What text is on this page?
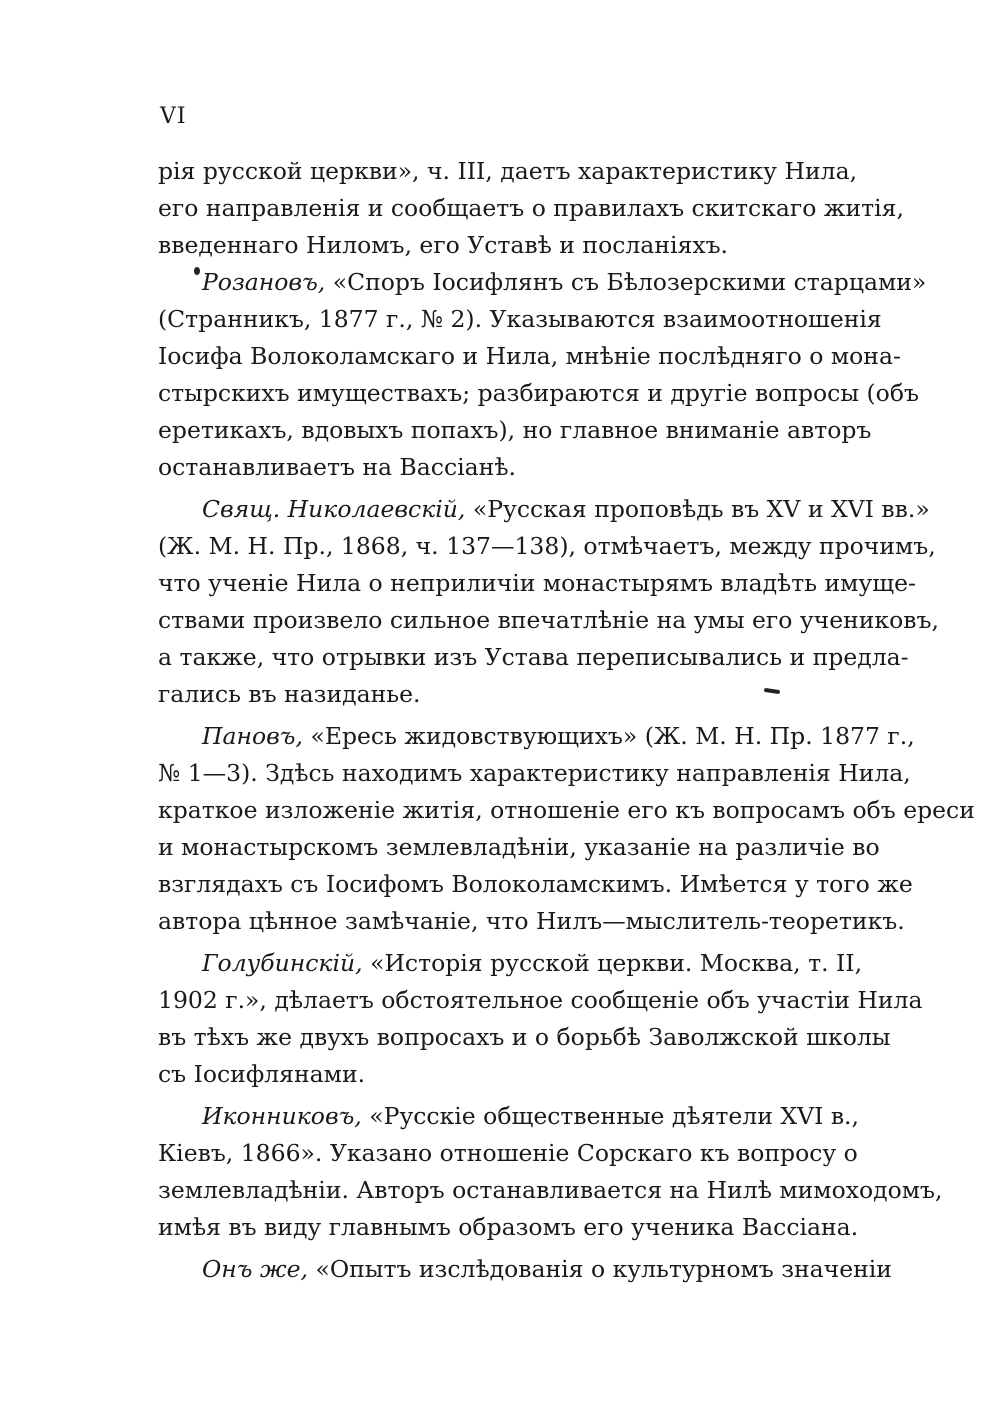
VI
рія русской церкви», ч. III, даетъ характеристику Нила,
его направленія и сообщаетъ о правилахъ скитскаго житія,
введеннаго Ниломъ, его Уставѣ и посланіяхъ.
Розановъ, «Споръ Іосифлянъ съ Бѣлозерскими старцами»
(Странникъ, 1877 г., № 2). Указываются взаимоотношенія
Іосифа Волоколамскаго и Нила, мнѣніе послѣдняго о мона-
стырскихъ имуществахъ; разбираются и другіе вопросы (объ
еретикахъ, вдовыхъ попахъ), но главное вниманіе авторъ
останавливаетъ на Вассіанѣ.
Свящ. Николаевскій, «Русская проповѣдь въ XV и XVI вв.»
(Ж. М. Н. Пр., 1868, ч. 137—138), отмѣчаетъ, между прочимъ,
что ученіе Нила о неприличіи монастырямъ владѣть имуще-
ствами произвело сильное впечатлѣніе на умы его учениковъ,
а также, что отрывки изъ Устава переписывались и предла-
гались въ назиданье.
Пановъ, «Ересь жидовствующихъ» (Ж. М. Н. Пр. 1877 г.,
№ 1—3). Здѣсь находимъ характеристику направленія Нила,
краткое изложеніе житія, отношеніе его къ вопросамъ объ ереси
и монастырскомъ землевладѣніи, указаніе на различіе во
взглядахъ съ Іосифомъ Волоколамскимъ. Имѣется у того же
автора цѣнное замѣчаніе, что Нилъ—мыслитель-теоретикъ.
Голубинскій, «Исторія русской церкви. Москва, т. II,
1902 г.», дѣлаетъ обстоятельное сообщеніе объ участіи Нила
въ тѣхъ же двухъ вопросахъ и о борьбѣ Заволжской школы
съ Іосифлянами.
Иконниковъ, «Русскіе общественные дѣятели XVI в.,
Кіевъ, 1866». Указано отношеніе Сорскаго къ вопросу о
землевладѣніи. Авторъ останавливается на Нилѣ мимоходомъ,
имѣя въ виду главнымъ образомъ его ученика Вассіана.
Онъ же, «Опытъ изслѣдованія о культурномъ значеніи
